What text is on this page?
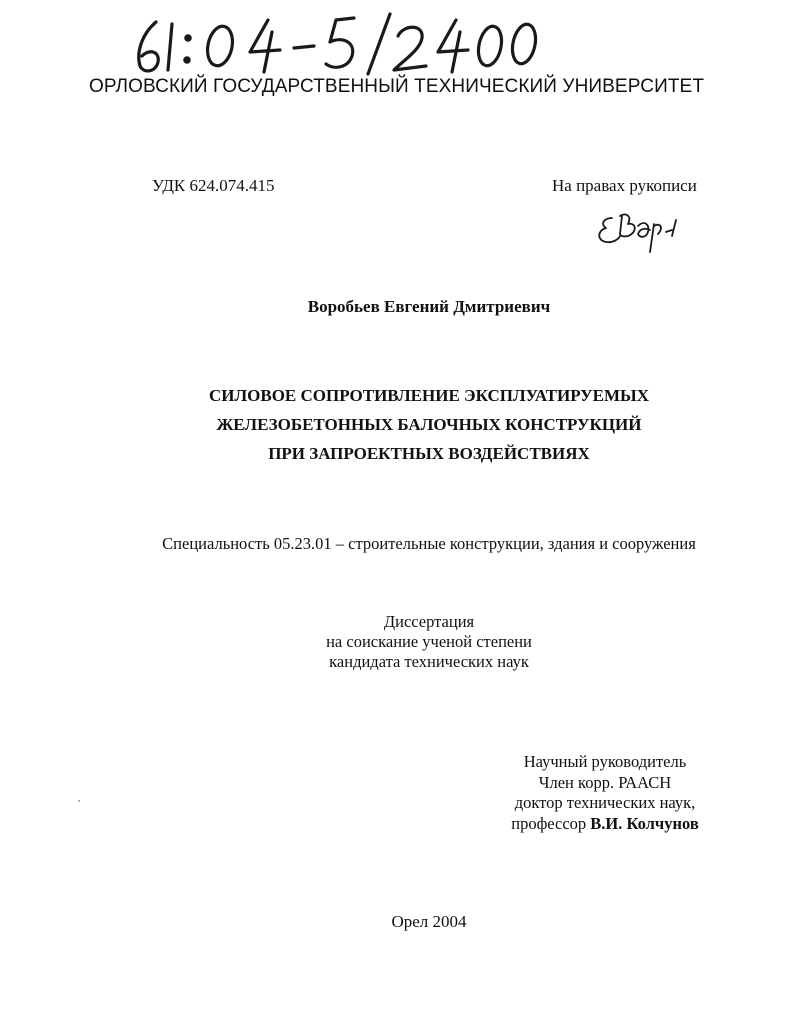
ОРЛОВСКИЙ ГОСУДАРСТВЕННЫЙ ТЕХНИЧЕСКИЙ УНИВЕРСИТЕТ
УДК 624.074.415	На правах рукописи
Воробьев Евгений Дмитриевич
СИЛОВОЕ СОПРОТИВЛЕНИЕ ЭКСПЛУАТИРУЕМЫХ
ЖЕЛЕЗОБЕТОННЫХ БАЛОЧНЫХ КОНСТРУКЦИЙ
ПРИ ЗАПРОЕКТНЫХ ВОЗДЕЙСТВИЯХ
Специальность 05.23.01 – строительные конструкции, здания и сооружения
Диссертация
на соискание ученой степени
кандидата технических наук
Научный руководитель
Член корр. РААСН
доктор технических наук,
профессор В.И. Колчунов
Орел 2004
